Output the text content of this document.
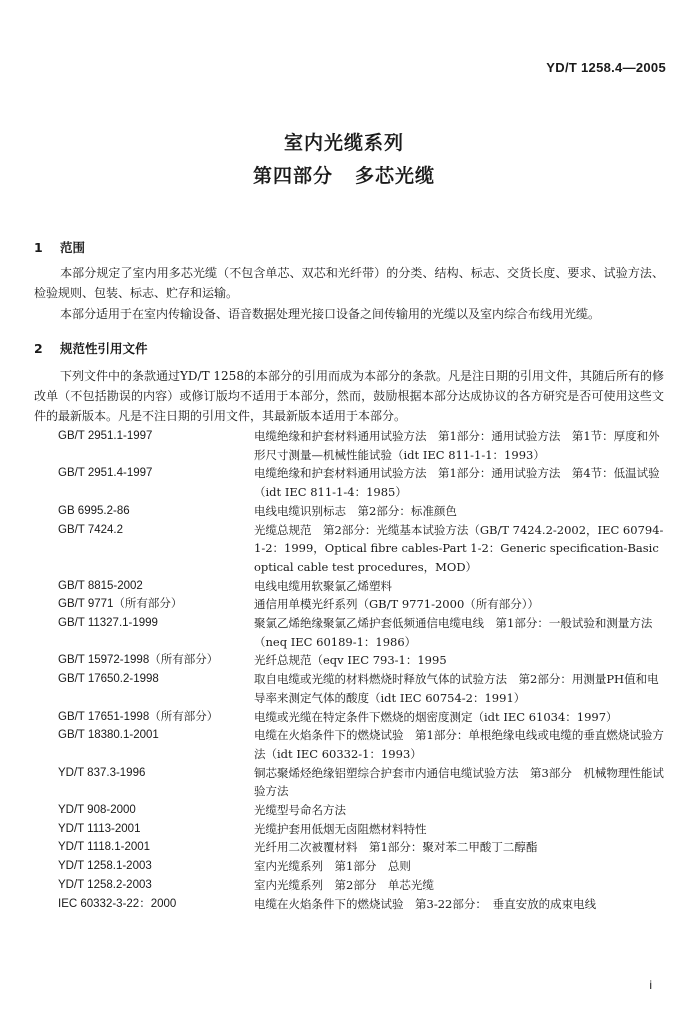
YD/T 1258.4—2005
室内光缆系列
第四部分 多芯光缆
1 范围
本部分规定了室内用多芯光缆（不包含单芯、双芯和光纤带）的分类、结构、标志、交货长度、要求、试验方法、检验规则、包装、标志、贮存和运输。
本部分适用于在室内传输设备、语音数据处理光接口设备之间传输用的光缆以及室内综合布线用光缆。
2 规范性引用文件
下列文件中的条款通过YD/T 1258的本部分的引用而成为本部分的条款。凡是注日期的引用文件，其随后所有的修改单（不包括勘误的内容）或修订版均不适用于本部分，然而，鼓励根据本部分达成协议的各方研究是否可使用这些文件的最新版本。凡是不注日期的引用文件，其最新版本适用于本部分。
GB/T 2951.1-1997	电缆绝缘和护套材料通用试验方法　第1部分：通用试验方法　第1节：厚度和外形尺寸测量—机械性能试验（idt IEC 811-1-1：1993）
GB/T 2951.4-1997	电缆绝缘和护套材料通用试验方法　第1部分：通用试验方法　第4节：低温试验（idt IEC 811-1-4：1985）
GB 6995.2-86	电线电缆识别标志　第2部分：标准颜色
GB/T 7424.2	光缆总规范　第2部分：光缆基本试验方法（GB/T 7424.2-2002，IEC 60794-1-2：1999，Optical fibre cables-Part 1-2：Generic specification-Basic optical cable test procedures，MOD）
GB/T 8815-2002	电线电缆用软聚氯乙烯塑料
GB/T 9771（所有部分）	通信用单模光纤系列（GB/T 9771-2000（所有部分））
GB/T 11327.1-1999	聚氯乙烯绝缘聚氯乙烯护套低频通信电缆电线　第1部分：一般试验和测量方法（neq IEC 60189-1：1986）
GB/T 15972-1998（所有部分）	光纤总规范（eqv IEC 793-1：1995
GB/T 17650.2-1998	取自电缆或光缆的材料燃烧时释放气体的试验方法　第2部分：用测量PH值和电导率来测定气体的酸度（idt IEC 60754-2：1991）
GB/T 17651-1998（所有部分）	电缆或光缆在特定条件下燃烧的烟密度测定（idt IEC 61034：1997）
GB/T 18380.1-2001	电缆在火焰条件下的燃烧试验　第1部分：单根绝缘电线或电缆的垂直燃烧试验方法（idt IEC 60332-1：1993）
YD/T 837.3-1996	铜芯聚烯烃绝缘铝塑综合护套市内通信电缆试验方法　第3部分　机械物理性能试验方法
YD/T 908-2000	光缆型号命名方法
YD/T 1113-2001	光缆护套用低烟无卤阻燃材料特性
YD/T 1118.1-2001	光纤用二次被覆材料　第1部分：聚对苯二甲酸丁二醇酯
YD/T 1258.1-2003	室内光缆系列　第1部分　总则
YD/T 1258.2-2003	室内光缆系列　第2部分　单芯光缆
IEC 60332-3-22：2000	电缆在火焰条件下的燃烧试验　第3-22部分：　垂直安放的成束电线
i
